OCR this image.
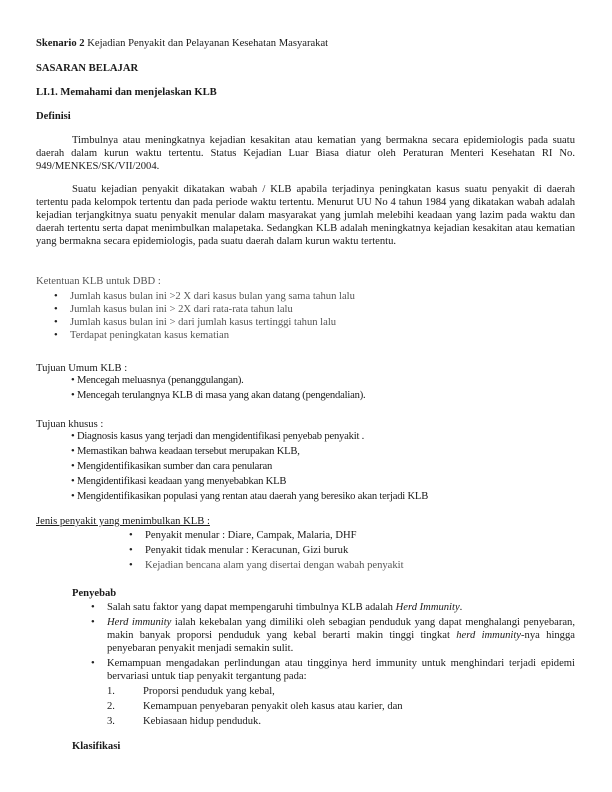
Skenario 2 Kejadian Penyakit dan Pelayanan Kesehatan Masyarakat
SASARAN BELAJAR
LI.1. Memahami dan menjelaskan KLB
Definisi
Timbulnya atau meningkatnya kejadian kesakitan atau kematian yang bermakna secara epidemiologis pada suatu daerah dalam kurun waktu tertentu. Status Kejadian Luar Biasa diatur oleh Peraturan Menteri Kesehatan RI No. 949/MENKES/SK/VII/2004.
Suatu kejadian penyakit dikatakan wabah / KLB apabila terjadinya peningkatan kasus suatu penyakit di daerah tertentu pada kelompok tertentu dan pada periode waktu tertentu. Menurut UU No 4 tahun 1984 yang dikatakan wabah adalah kejadian terjangkitnya suatu penyakit menular dalam masyarakat yang jumlah melebihi keadaan yang lazim pada waktu dan daerah tertentu serta dapat menimbulkan malapetaka. Sedangkan KLB adalah meningkatnya kejadian kesakitan atau kematian yang bermakna secara epidemiologis, pada suatu daerah dalam kurun waktu tertentu.
Ketentuan KLB untuk DBD :
• Jumlah kasus bulan ini >2 X dari kasus bulan yang sama tahun lalu
• Jumlah kasus bulan ini > 2X dari rata-rata tahun lalu
• Jumlah kasus bulan ini > dari jumlah kasus tertinggi tahun lalu
• Terdapat peningkatan kasus kematian
Tujuan Umum KLB :
• Mencegah meluasnya (penanggulangan).
• Mencegah terulangnya KLB di masa yang akan datang (pengendalian).
Tujuan khusus :
• Diagnosis kasus yang terjadi dan mengidentifikasi penyebab penyakit .
• Memastikan bahwa keadaan tersebut merupakan KLB,
• Mengidentifikasikan sumber dan cara penularan
• Mengidentifikasi keadaan yang menyebabkan KLB
• Mengidentifikasikan populasi yang rentan atau daerah yang beresiko akan terjadi KLB
Jenis penyakit yang menimbulkan KLB :
• Penyakit menular : Diare, Campak, Malaria, DHF
• Penyakit tidak menular : Keracunan, Gizi buruk
• Kejadian bencana alam yang disertai dengan wabah penyakit
Penyebab
• Salah satu faktor yang dapat mempengaruhi timbulnya KLB adalah Herd Immunity.
• Herd immunity ialah kekebalan yang dimiliki oleh sebagian penduduk yang dapat menghalangi penyebaran, makin banyak proporsi penduduk yang kebal berarti makin tinggi tingkat herd immunity-nya hingga penyebaran penyakit menjadi semakin sulit.
• Kemampuan mengadakan perlindungan atau tingginya herd immunity untuk menghindari terjadi epidemi bervariasi untuk tiap penyakit tergantung pada:
1.	Proporsi penduduk yang kebal,
2.	Kemampuan penyebaran penyakit oleh kasus atau karier, dan
3.	Kebiasaan hidup penduduk.
Klasifikasi
